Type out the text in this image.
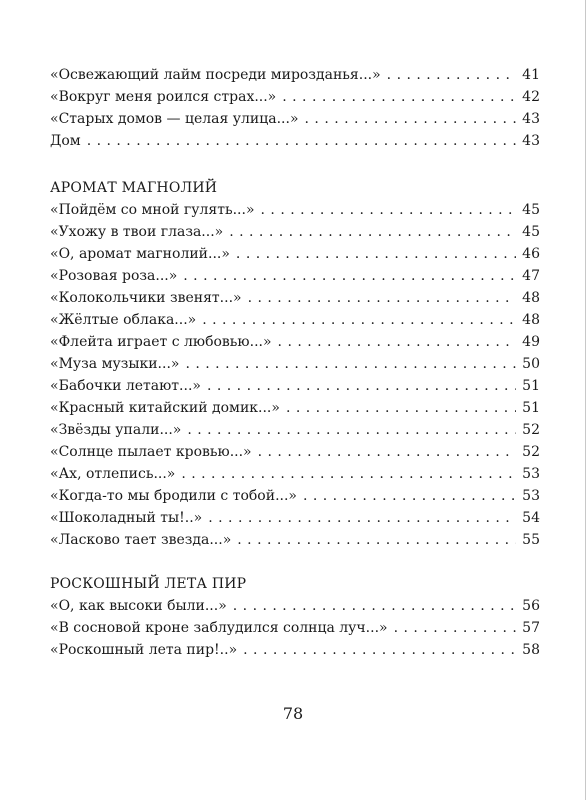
«Освежающий лайм посреди мирозданья...» . . .	41
«Вокруг меня роился страх...» . . .	42
«Старых домов — целая улица...» . . .	43
Дом . . .	43
АРОМАТ МАГНОЛИЙ
«Пойдём со мной гулять...» . . .	45
«Ухожу в твои глаза...» . . .	45
«О, аромат магнолий...» . . .	46
«Розовая роза...» . . .	47
«Колокольчики звенят...» . . .	48
«Жёлтые облака...» . . .	48
«Флейта играет с любовью...» . . .	49
«Муза музыки...» . . .	50
«Бабочки летают...» . . .	51
«Красный китайский домик...» . . .	51
«Звёзды упали...» . . .	52
«Солнце пылает кровью...» . . .	52
«Ах, отлепись...» . . .	53
«Когда-то мы бродили с тобой...» . . .	53
«Шоколадный ты!..» . . .	54
«Ласково тает звезда...» . . .	55
РОСКОШНЫЙ ЛЕТА ПИР
«О, как высоки были...» . . .	56
«В сосновой кроне заблудился солнца луч...» . . .	57
«Роскошный лета пир!..» . . .	58
78
